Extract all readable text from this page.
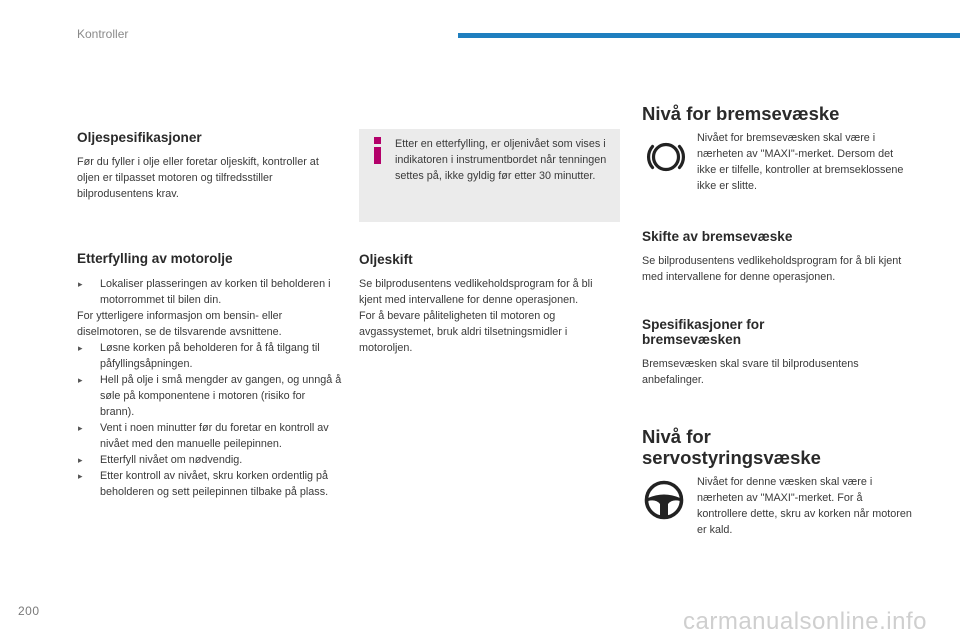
Kontroller
Oljespesifikasjoner

Før du fyller i olje eller foretar oljeskift, kontroller at oljen er tilpasset motoren og tilfredsstiller bilprodusentens krav.

Etterfylling av motorolje
▸ Lokaliser plasseringen av korken til beholderen i motorrommet til bilen din.

For ytterligere informasjon om bensin- eller diselmotoren, se de tilsvarende avsnittene.

▸ Løsne korken på beholderen for å få tilgang til påfyllingsåpningen.
▸ Hell på olje i små mengder av gangen, og unngå å søle på komponentene i motoren (risiko for brann).
▸ Vent i noen minutter før du foretar en kontroll av nivået med den manuelle peilepinnen.
▸ Etterfyll nivået om nødvendig.
▸ Etter kontroll av nivået, skru korken ordentlig på beholderen og sett peilepinnen tilbake på plass.
Etter en etterfylling, er oljenivået som vises i indikatoren i instrumentbordet når tenningen settes på, ikke gyldig før etter 30 minutter.
Oljeskift

Se bilprodusentens vedlikeholdsprogram for å bli kjent med intervallene for denne operasjonen.

For å bevare påliteligheten til motoren og avgassystemet, bruk aldri tilsetningsmidler i motoroljen.

Nivå for bremsevæske

Nivået for bremsevæsken skal være i nærheten av "MAXI"-merket. Dersom det ikke er tilfelle, kontroller at bremseklossene ikke er slitte.

Skifte av bremsevæske

Se bilprodusentens vedlikeholdsprogram for å bli kjent med intervallene for denne operasjonen.

Spesifikasjoner for
bremsevæsken

Bremsevæsken skal svare til bilprodusentens anbefalinger.

Nivå for
servostyringsvæske

Nivået for denne væsken skal være i nærheten av "MAXI"-merket. For å kontrollere dette, skru av korken når motoren er kald.

200	carmanualsonline.info
